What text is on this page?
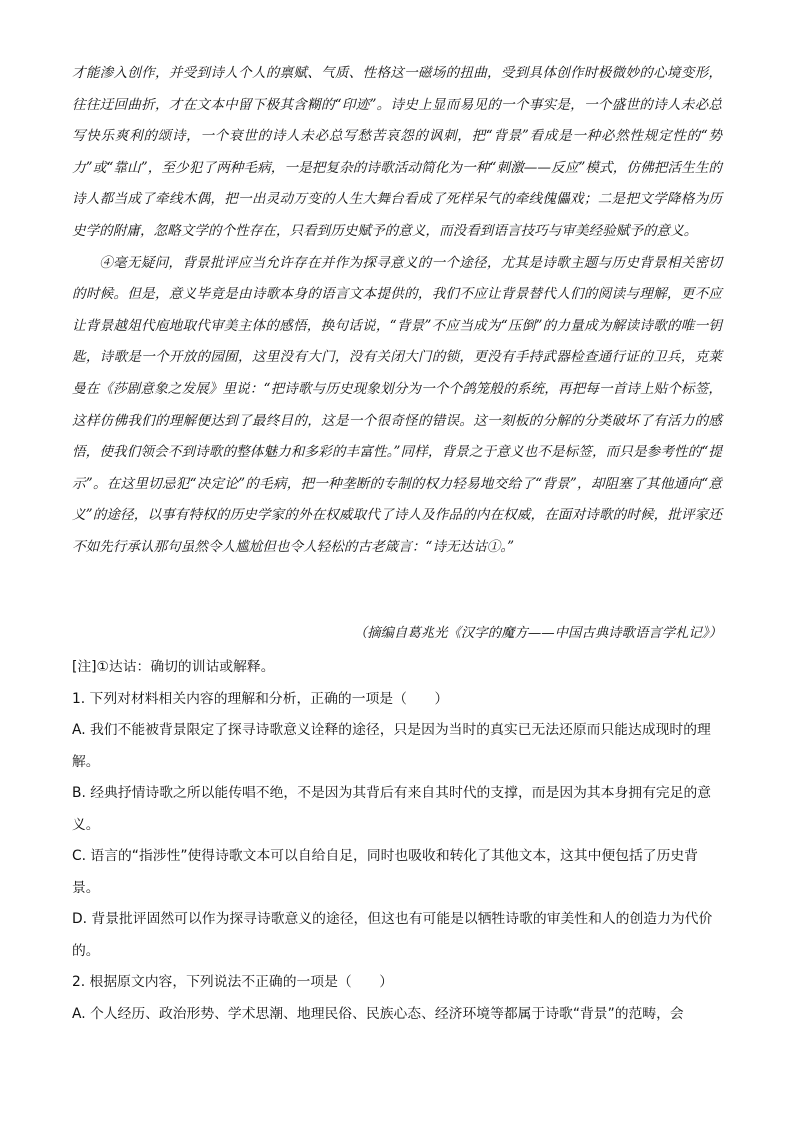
才能渗入创作，并受到诗人个人的禀赋、气质、性格这一磁场的扭曲，受到具体创作时极微妙的心境变形，往往迂回曲折，才在文本中留下极其含糊的“印迹”。诗史上显而易见的一个事实是，一个盛世的诗人未必总写快乐爽利的颂诗，一个衰世的诗人未必总写愁苦哀怨的讽刺，把“背景”看成是一种必然性规定性的“势力”或“靠山”，至少犯了两种毛病，一是把复杂的诗歌活动简化为一种“刺激——反应”模式，仿佛把活生生的诗人都当成了牵线木偶，把一出灵动万变的人生大舞台看成了死样呆气的牵线傀儡戏；二是把文学降格为历史学的附庸，忽略文学的个性存在，只看到历史赋予的意义，而没看到语言技巧与审美经验赋予的意义。

④毫无疑问，背景批评应当允许存在并作为探寻意义的一个途径，尤其是诗歌主题与历史背景相关密切的时候。但是，意义毕竟是由诗歌本身的语言文本提供的，我们不应让背景替代人们的阅读与理解，更不应让背景越俎代庖地取代审美主体的感悟，换句话说，“背景”不应当成为“压倒”的力量成为解读诗歌的唯一钥匙，诗歌是一个开放的园囿，这里没有大门，没有关闭大门的锁，更没有手持武器检查通行证的卫兵，克莱曼在《莎剧意象之发展》里说：“把诗歌与历史现象划分为一个个鸽笼般的系统，再把每一首诗上贴个标签，这样仿佛我们的理解便达到了最终目的，这是一个很奇怪的错误。这一刻板的分解的分类破坏了有活力的感悟，使我们领会不到诗歌的整体魅力和多彩的丰富性。”同样，背景之于意义也不是标签，而只是参考性的“提示”。在这里切忌犯“决定论”的毛病，把一种垄断的专制的权力轻易地交给了“背景”，却阻塞了其他通向“意义”的途径，以事有特权的历史学家的外在权威取代了诗人及作品的内在权威，在面对诗歌的时候，批评家还不如先行承认那句虽然令人尴尬但也令人轻松的古老箴言：“诗无达诂①。”

（摘编自葛兆光《汉字的魔方——中国古典诗歌语言学札记》）

[注]①达诂：确切的训诂或解释。

1. 下列对材料相关内容的理解和分析，正确的一项是（　　）

A. 我们不能被背景限定了探寻诗歌意义诠释的途径，只是因为当时的真实已无法还原而只能达成现时的理解。

B. 经典抒情诗歌之所以能传唱不绝，不是因为其背后有来自其时代的支撑，而是因为其本身拥有完足的意义。

C. 语言的“指涉性”使得诗歌文本可以自给自足，同时也吸收和转化了其他文本，这其中便包括了历史背景。

D. 背景批评固然可以作为探寻诗歌意义的途径，但这也有可能是以牺牲诗歌的审美性和人的创造力为代价的。

2. 根据原文内容，下列说法不正确的一项是（　　）

A. 个人经历、政治形势、学术思潮、地理民俗、民族心态、经济环境等都属于诗歌“背景”的范畴，会
